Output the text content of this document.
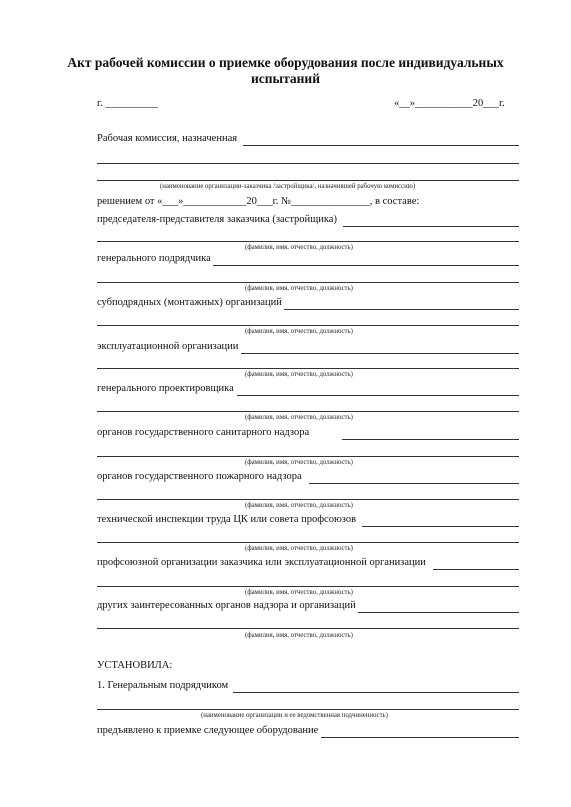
Акт рабочей комиссии о приемке оборудования после индивидуальных
испытаний
г. __________	«__»___________20___г.
Рабочая комиссия, назначенная
(наименование организации-заказчика /застройщика/, назначившей рабочую комиссию)
решением от «___»____________20___г. №_______________, в составе:
председателя-представителя заказчика (застройщика)
(фамилия, имя, отчество, должность)
генерального подрядчика
(фамилия, имя, отчество, должность)
субподрядных (монтажных) организаций
(фамилия, имя, отчество, должность)
эксплуатационной организации
(фамилия, имя, отчество, должность)
генерального проектировщика
(фамилия, имя, отчество, должность)
органов государственного санитарного надзора
(фамилия, имя, отчество, должность)
органов государственного пожарного надзора
(фамилия, имя, отчество, должность)
технической инспекции труда ЦК или совета профсоюзов
(фамилия, имя, отчество, должность)
профсоюзной организации заказчика или эксплуатационной организации
(фамилия, имя, отчество, должность)
других заинтересованных органов надзора и организаций
(фамилия, имя, отчество, должность)
УСТАНОВИЛА:
1. Генеральным подрядчиком
(наименование организации и ее ведомственная подчиненность)
предъявлено к приемке следующее оборудование
